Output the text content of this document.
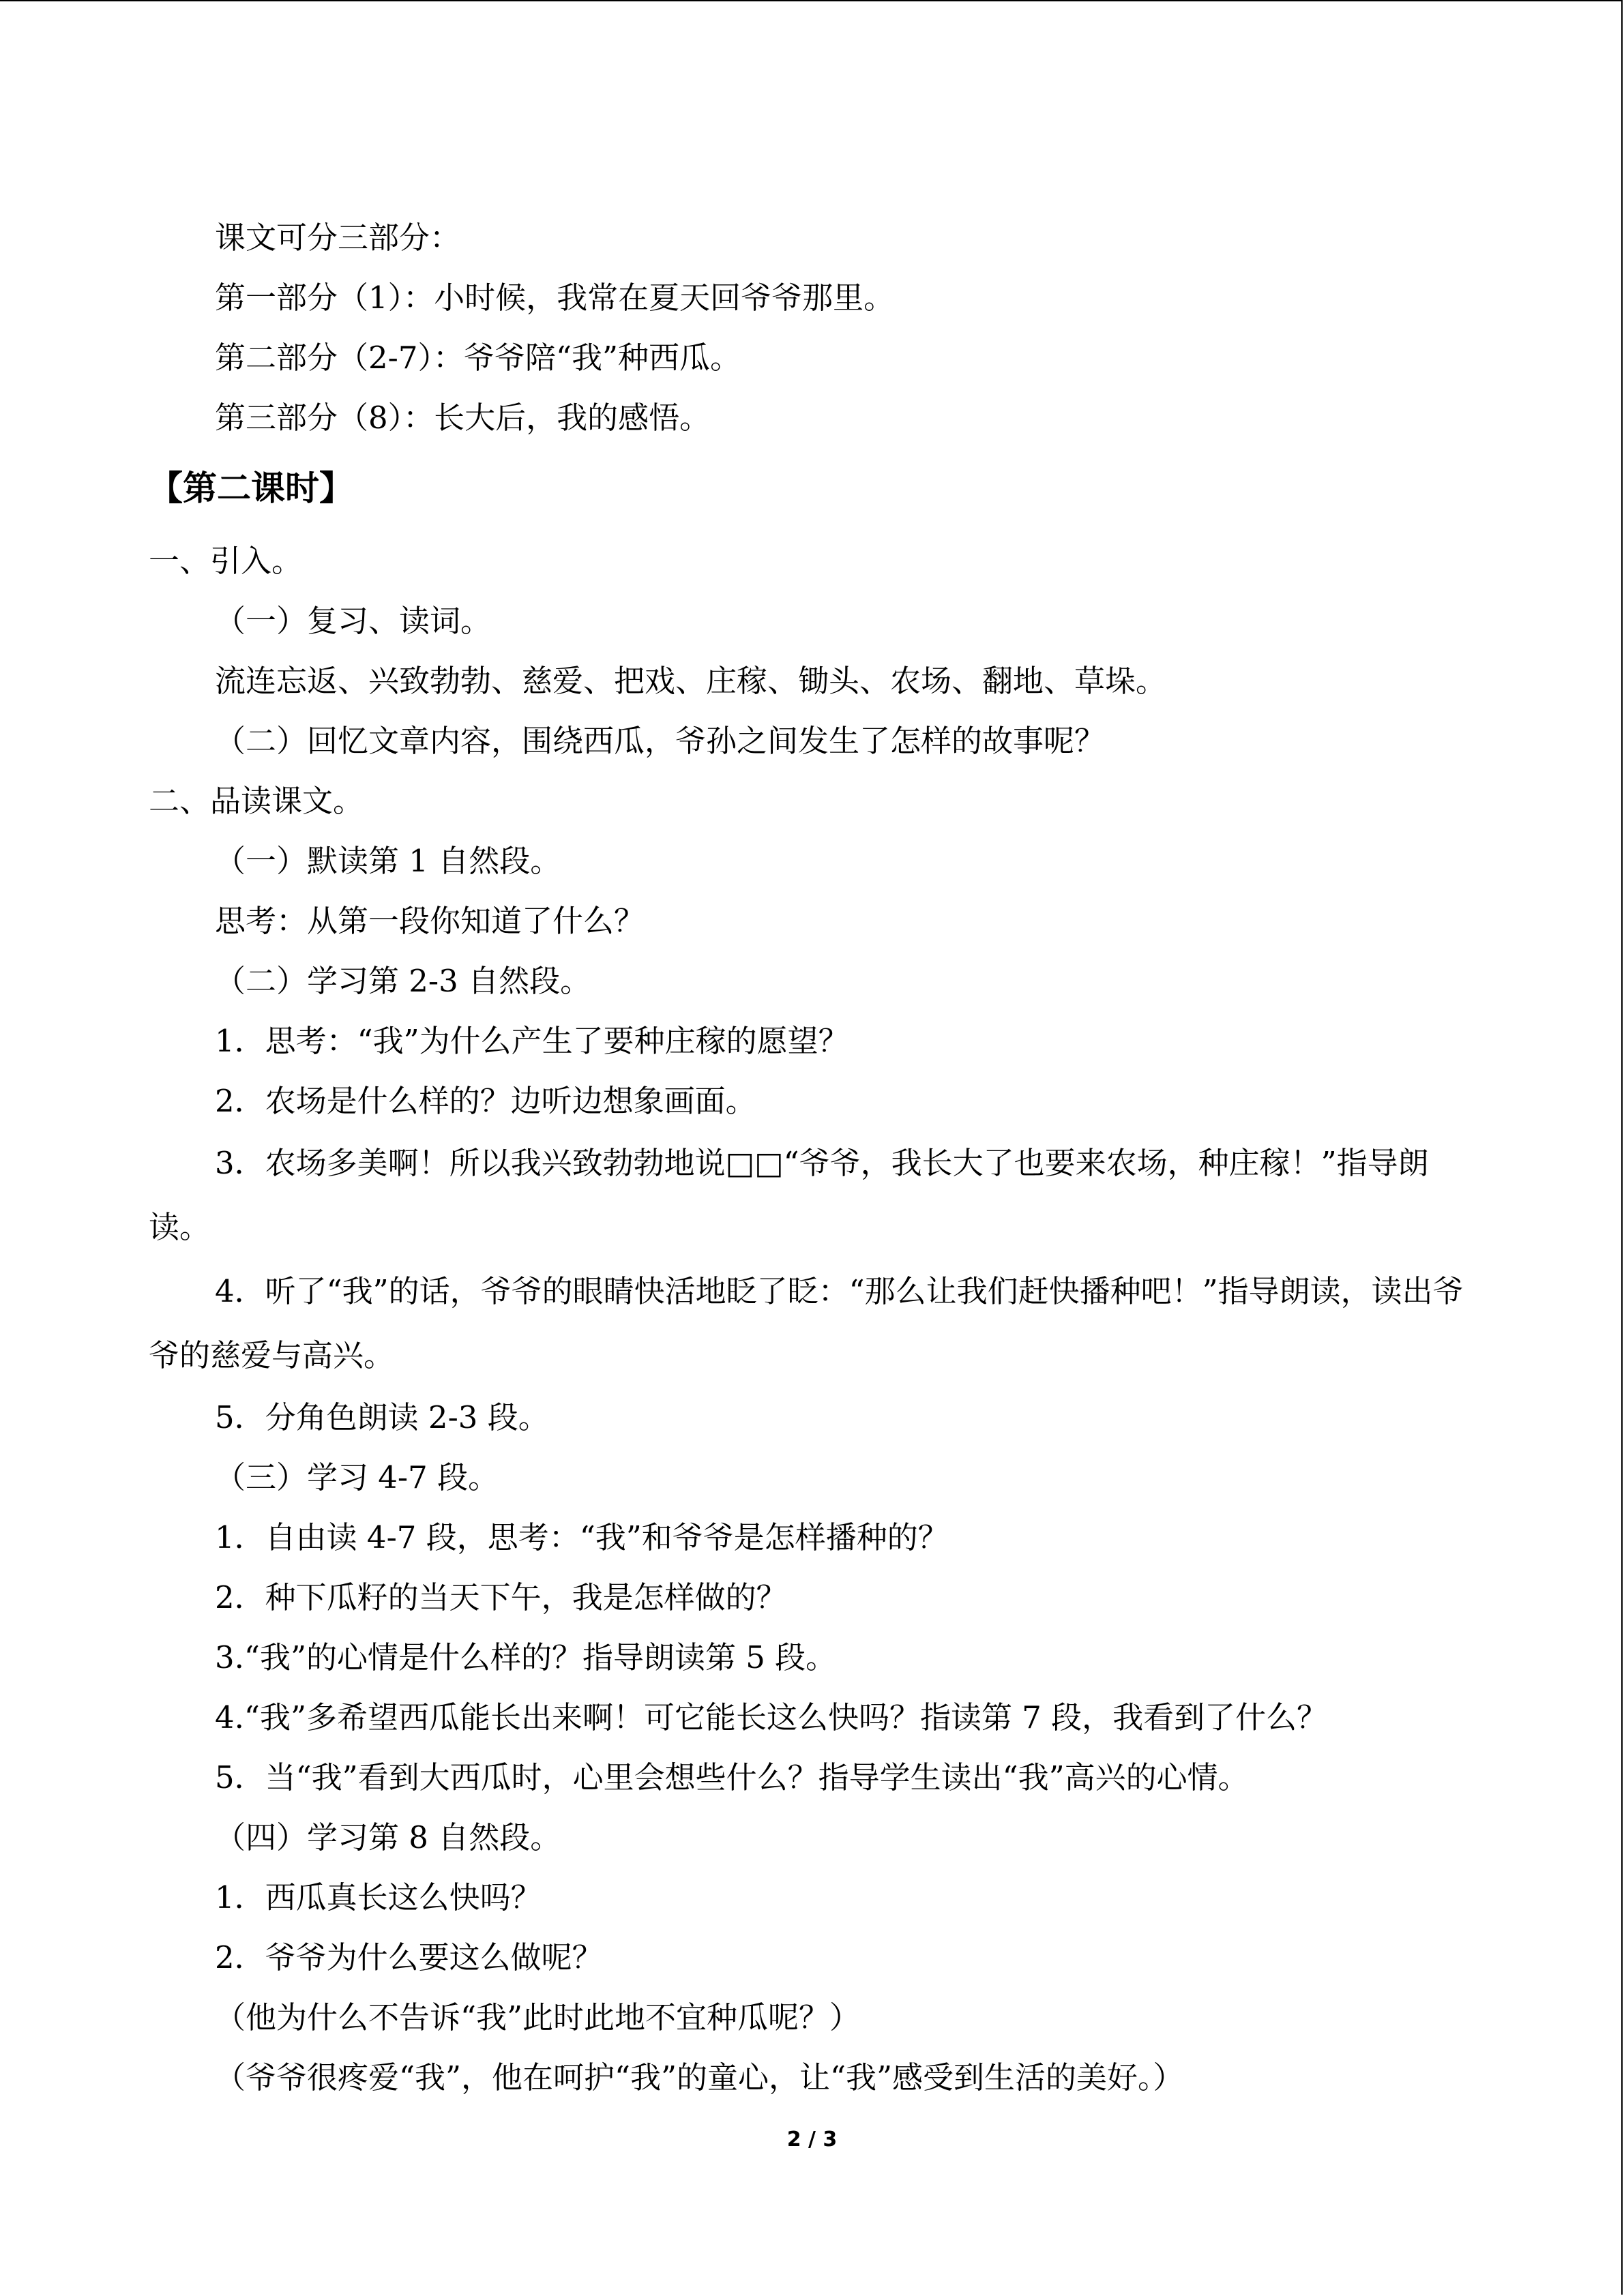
课文可分三部分：
第一部分（1）：小时候，我常在夏天回爷爷那里。
第二部分（2-7）：爷爷陪“我”种西瓜。
第三部分（8）：长大后，我的感悟。
【第二课时】
一、引入。
（一）复习、读词。
流连忘返、兴致勃勃、慈爱、把戏、庄稼、锄头、农场、翻地、草垛。
（二）回忆文章内容，围绕西瓜，爷孙之间发生了怎样的故事呢？
二、品读课文。
（一）默读第 1 自然段。
思考：从第一段你知道了什么？
（二）学习第 2-3 自然段。
1．思考：“我”为什么产生了要种庄稼的愿望？
2．农场是什么样的？边听边想象画面。
3．农场多美啊！所以我兴致勃勃地说□□“爷爷，我长大了也要来农场，种庄稼！”指导朗读。
4．听了“我”的话，爷爷的眼睛快活地眨了眨：“那么让我们赶快播种吧！”指导朗读，读出爷爷的慈爱与高兴。
5．分角色朗读 2-3 段。
（三）学习 4-7 段。
1．自由读 4-7 段，思考：“我”和爷爷是怎样播种的？
2．种下瓜籽的当天下午，我是怎样做的？
3.“我”的心情是什么样的？指导朗读第 5 段。
4.“我”多希望西瓜能长出来啊！可它能长这么快吗？指读第 7 段，我看到了什么？
5．当“我”看到大西瓜时，心里会想些什么？指导学生读出“我”高兴的心情。
（四）学习第 8 自然段。
1．西瓜真长这么快吗？
2．爷爷为什么要这么做呢？
（他为什么不告诉“我”此时此地不宜种瓜呢？）
（爷爷很疼爱“我”，他在呵护“我”的童心，让“我”感受到生活的美好。）
2 / 3
